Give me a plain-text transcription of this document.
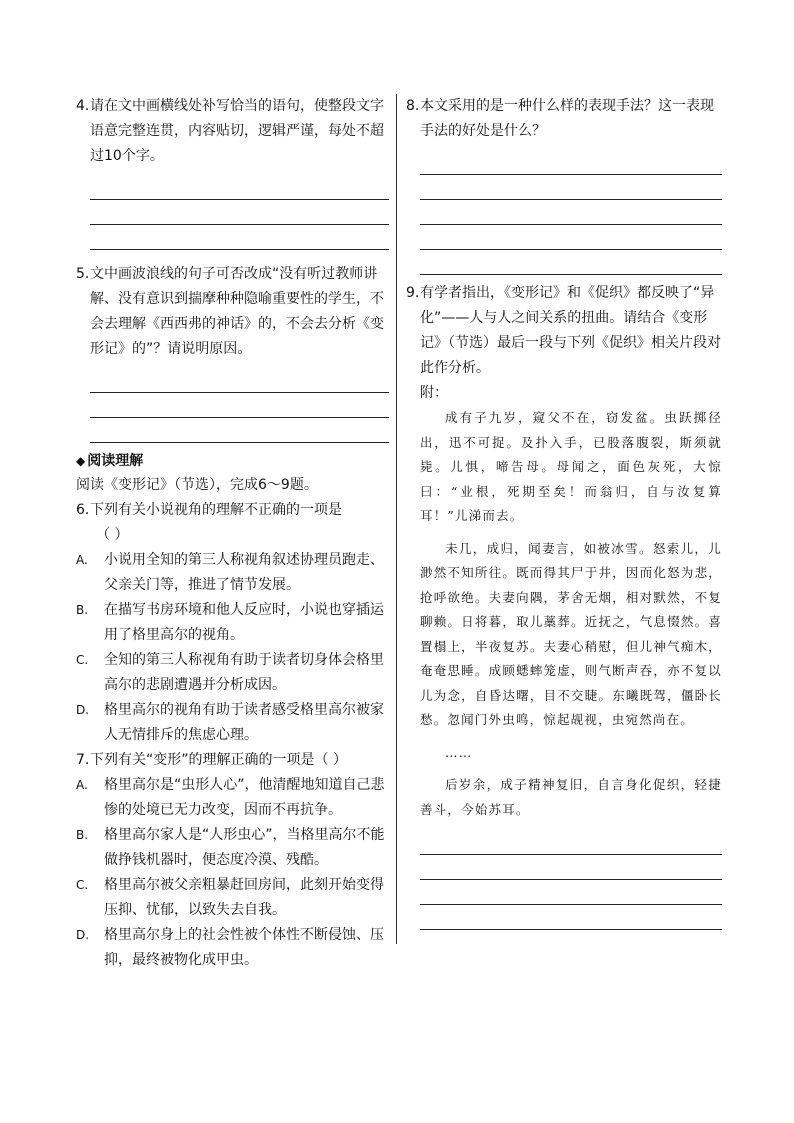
4. 请在文中画横线处补写恰当的语句，使整段文字语意完整连贯，内容贴切，逻辑严谨，每处不超过10个字。
5. 文中画波浪线的句子可否改成“没有听过教师讲解、没有意识到揣摩种种隐喻重要性的学生，不会去理解《西西弗的神话》的，不会去分析《变形记》的”？请说明原因。
◆ 阅读理解
阅读《变形记》（节选），完成6～9题。
6. 下列有关小说视角的理解不正确的一项是
（ ）
A.	小说用全知的第三人称视角叙述协理员跑走、父亲关门等，推进了情节发展。
B.	在描写书房环境和他人反应时，小说也穿插运用了格里高尔的视角。
C.	全知的第三人称视角有助于读者切身体会格里高尔的悲剧遭遇并分析成因。
D.	格里高尔的视角有助于读者感受格里高尔被家人无情排斥的焦虑心理。
7. 下列有关“变形”的理解正确的一项是（ ）
A.	格里高尔是“虫形人心”，他清醒地知道自己悲惨的处境已无力改变，因而不再抗争。
B.	格里高尔家人是“人形虫心”，当格里高尔不能做挣钱机器时，便态度冷漠、残酷。
C.	格里高尔被父亲粗暴赶回房间，此刻开始变得压抑、忧郁，以致失去自我。
D.	格里高尔身上的社会性被个体性不断侵蚀、压抑，最终被物化成甲虫。
8. 本文采用的是一种什么样的表现手法？这一表现手法的好处是什么？
9. 有学者指出，《变形记》和《促织》都反映了“异化”——人与人之间关系的扭曲。请结合《变形记》（节选）最后一段与下列《促织》相关片段对此作分析。
附：

成有子九岁，窥父不在，窃发盆。虫跃掷径出，迅不可捉。及扑入手，已股落腹裂，斯须就毙。儿惧，啼告母。母闻之，面色灰死，大惊曰：“业根，死期至矣！而翁归，自与汝复算耳！”儿涕而去。

未几，成归，闻妻言，如被冰雪。怒索儿，儿渺然不知所往。既而得其尸于井，因而化怒为悲，抢呼欲绝。夫妻向隅，茅舍无烟，相对默然，不复聊赖。日将暮，取儿藁葬。近抚之，气息惙然。喜置榻上，半夜复苏。夫妻心稍慰，但儿神气痴木，奄奄思睡。成顾蟋蟀笼虚，则气断声吞，亦不复以儿为念，自昏达曙，目不交睫。东曦既驾，僵卧长愁。忽闻门外虫鸣，惊起觇视，虫宛然尚在。

……

后岁余，成子精神复旧，自言身化促织，轻捷善斗，今始苏耳。
